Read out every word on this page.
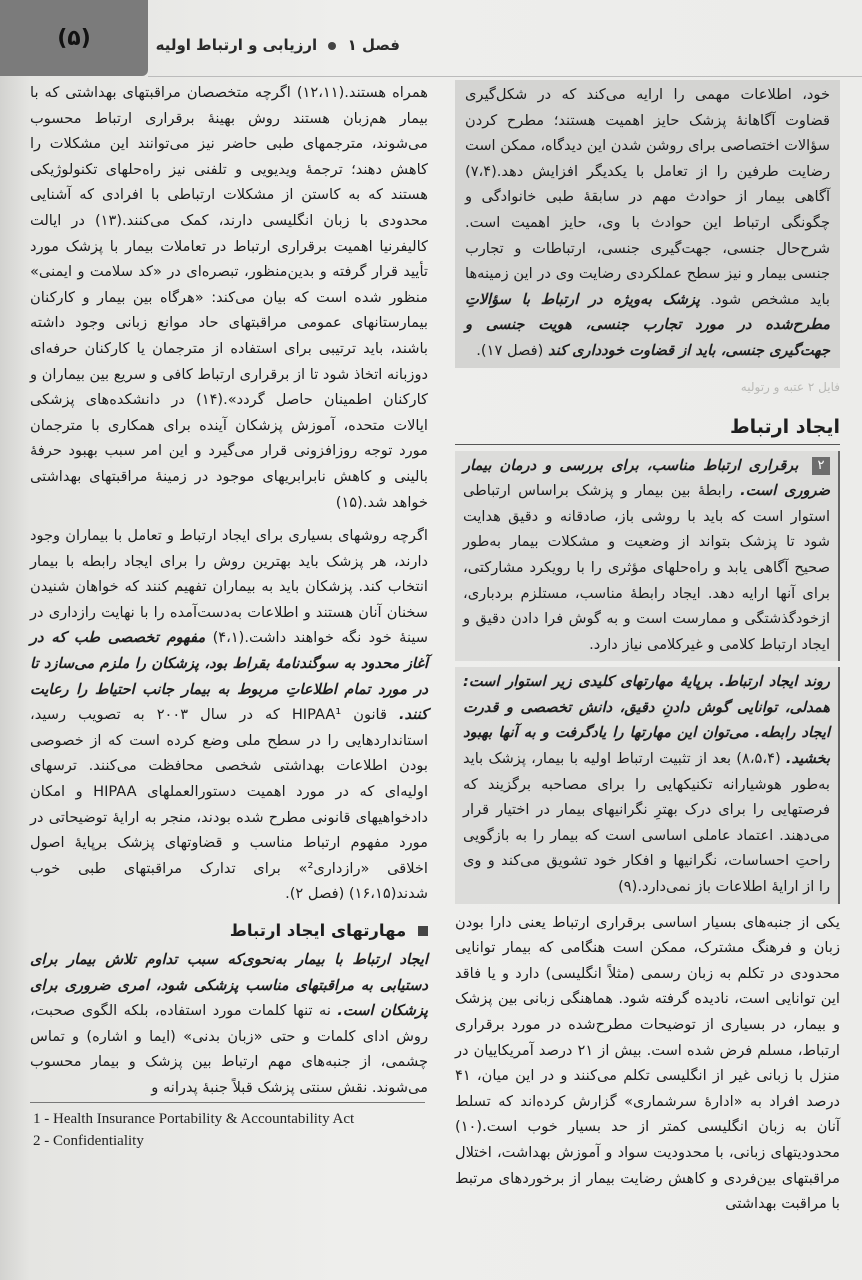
(۵)	فصل ۱  ارزیابی و ارتباط اولیه
خود، اطلاعات مهمی را ارایه می‌کند که در شکل‌گیری قضاوت آگاهانهٔ پزشک حایز اهمیت هستند؛ مطرح کردن سؤالات اختصاصی برای روشن شدن این دیدگاه، ممکن است رضایت طرفین را از تعامل با یکدیگر افزایش دهد.(۷،۴) آگاهی بیمار از حوادث مهم در سابقهٔ طبی خانوادگی و چگونگی ارتباط این حوادث با وی، حایز اهمیت است. شرح‌حال جنسی، جهت‌گیری جنسی، ارتباطات و تجارب جنسی بیمار و نیز سطح عملکردی رضایت وی در این زمینه‌ها باید مشخص شود. پزشک به‌ویژه در ارتباط با سؤالاتِ مطرح‌شده در مورد تجارب جنسی، هویت جنسی و جهت‌گیری جنسی، باید از قضاوت خودداری کند (فصل ۱۷).
فایل ۲ عتبه و رتولیه
ایجاد ارتباط
۲ برقراری ارتباط مناسب، برای بررسی و درمان بیمار ضروری است. رابطهٔ بین بیمار و پزشک براساس ارتباطی استوار است که باید با روشی باز، صادقانه و دقیق هدایت شود تا پزشک بتواند از وضعیت و مشکلات بیمار به‌طور صحیح آگاهی یابد و راه‌حلهای مؤثری را با رویکرد مشارکتی، برای آنها ارایه دهد. ایجاد رابطهٔ مناسب، مستلزم بردباری، ازخودگذشتگی و ممارست است و به گوش فرا دادن دقیق و ایجاد ارتباط کلامی و غیرکلامی نیاز دارد.
روند ایجاد ارتباط. برپایهٔ مهارتهای کلیدی زیر استوار است: همدلی، توانایی گوش دادنِ دقیق، دانش تخصصی و قدرت ایجاد رابطه. می‌توان این مهارتها را یادگرفت و به آنها بهبود بخشید. (۸،۵،۴) بعد از تثبیت ارتباط اولیه با بیمار، پزشک باید به‌طور هوشیارانه تکنیکهایی را برای مصاحبه برگزیند که فرصتهایی را برای درک بهترِ نگرانیهای بیمار در اختیار قرار می‌دهند. اعتماد عاملی اساسی است که بیمار را به بازگویی راحتِ احساسات، نگرانیها و افکار خود تشویق می‌کند و وی را از ارایهٔ اطلاعات باز نمی‌دارد.(۹)

یکی از جنبه‌های بسیار اساسی برقراری ارتباط یعنی دارا بودن زبان و فرهنگ مشترک، ممکن است هنگامی که بیمار توانایی محدودی در تکلم به زبان رسمی (مثلاً انگلیسی) دارد و یا فاقد این توانایی است، نادیده گرفته شود. هماهنگی زبانی بین پزشک و بیمار، در بسیاری از توضیحات مطرح‌شده در مورد برقراری ارتباط، مسلم فرض شده است. بیش از ۲۱ درصد آمریکاییان در منزل با زبانی غیر از انگلیسی تکلم می‌کنند و در این میان، ۴۱ درصد افراد به «ادارهٔ سرشماری» گزارش کرده‌اند که تسلط آنان به زبان انگلیسی کمتر از حد بسیار خوب است.(۱۰) محدودیتهای زبانی، با محدودیت سواد و آموزش بهداشت، اختلال مراقبتهای بین‌فردی و کاهش رضایت بیمار از برخوردهای مرتبط با مراقبت بهداشتی

همراه هستند.(۱۲،۱۱) اگرچه متخصصان مراقبتهای بهداشتی که با بیمار هم‌زبان هستند روش بهینهٔ برقراری ارتباط محسوب می‌شوند، مترجمهای طبی حاضر نیز می‌توانند این مشکلات را کاهش دهند؛ ترجمهٔ ویدیویی و تلفنی نیز راه‌حلهای تکنولوژیکی هستند که به کاستن از مشکلات ارتباطی با افرادی که آشنایی محدودی با زبان انگلیسی دارند، کمک می‌کنند.(۱۳) در ایالت کالیفرنیا اهمیت برقراری ارتباط در تعاملات بیمار با پزشک مورد تأیید قرار گرفته و بدین‌منظور، تبصره‌ای در «کد سلامت و ایمنی» منظور شده است که بیان می‌کند: «هرگاه بین بیمار و کارکنان بیمارستانهای عمومی مراقبتهای حاد موانع زبانی وجود داشته باشند، باید ترتیبی برای استفاده از مترجمان یا کارکنان حرفه‌ای دوزبانه اتخاذ شود تا از برقراری ارتباط کافی و سریع بین بیماران و کارکنان اطمینان حاصل گردد».(۱۴) در دانشکده‌های پزشکی ایالات متحده، آموزش پزشکان آینده برای همکاری با مترجمان مورد توجه روزافزونی قرار می‌گیرد و این امر سبب بهبود حرفهٔ بالینی و کاهش نابرابریهای موجود در زمینهٔ مراقبتهای بهداشتی خواهد شد.(۱۵)

اگرچه روشهای بسیاری برای ایجاد ارتباط و تعامل با بیماران وجود دارند، هر پزشک باید بهترین روش را برای ایجاد رابطه با بیمار انتخاب کند. پزشکان باید به بیماران تفهیم کنند که خواهان شنیدن سخنان آنان هستند و اطلاعات به‌دست‌آمده را با نهایت رازداری در سینهٔ خود نگه خواهند داشت.(۴،۱) مفهوم تخصصی طب که در آغاز محدود به سوگندنامهٔ بقراط بود، پزشکان را ملزم می‌سازد تا در مورد تمام اطلاعاتِ مربوط به بیمار جانب احتیاط را رعایت کنند. قانون HIPAA¹ که در سال ۲۰۰۳ به تصویب رسید، استانداردهایی را در سطح ملی وضع کرده است که از خصوصی بودن اطلاعات بهداشتی شخصی محافظت می‌کنند. ترسهای اولیه‌ای که در مورد اهمیت دستورالعملهای HIPAA و امکان دادخواهیهای قانونی مطرح شده بودند، منجر به ارایهٔ توضیحاتی در مورد مفهوم ارتباط مناسب و قضاوتهای پزشک برپایهٔ اصول اخلاقی «رازداری²» برای تدارک مراقبتهای طبی خوب شدند(۱۶،۱۵) (فصل ۲).

مهارتهای ایجاد ارتباط

ایجاد ارتباط با بیمار به‌نحوی‌که سبب تداوم تلاش بیمار برای دستیابی به مراقبتهای مناسب پزشکی شود، امری ضروری برای پزشکان است. نه تنها کلمات مورد استفاده، بلکه الگوی صحبت، روش ادای کلمات و حتی «زبان بدنی» (ایما و اشاره) و تماس چشمی، از جنبه‌های مهم ارتباط بین پزشک و بیمار محسوب می‌شوند. نقش سنتی پزشک قبلاً جنبهٔ پدرانه و

1 - Health Insurance Portability & Accountability Act
2 - Confidentiality
